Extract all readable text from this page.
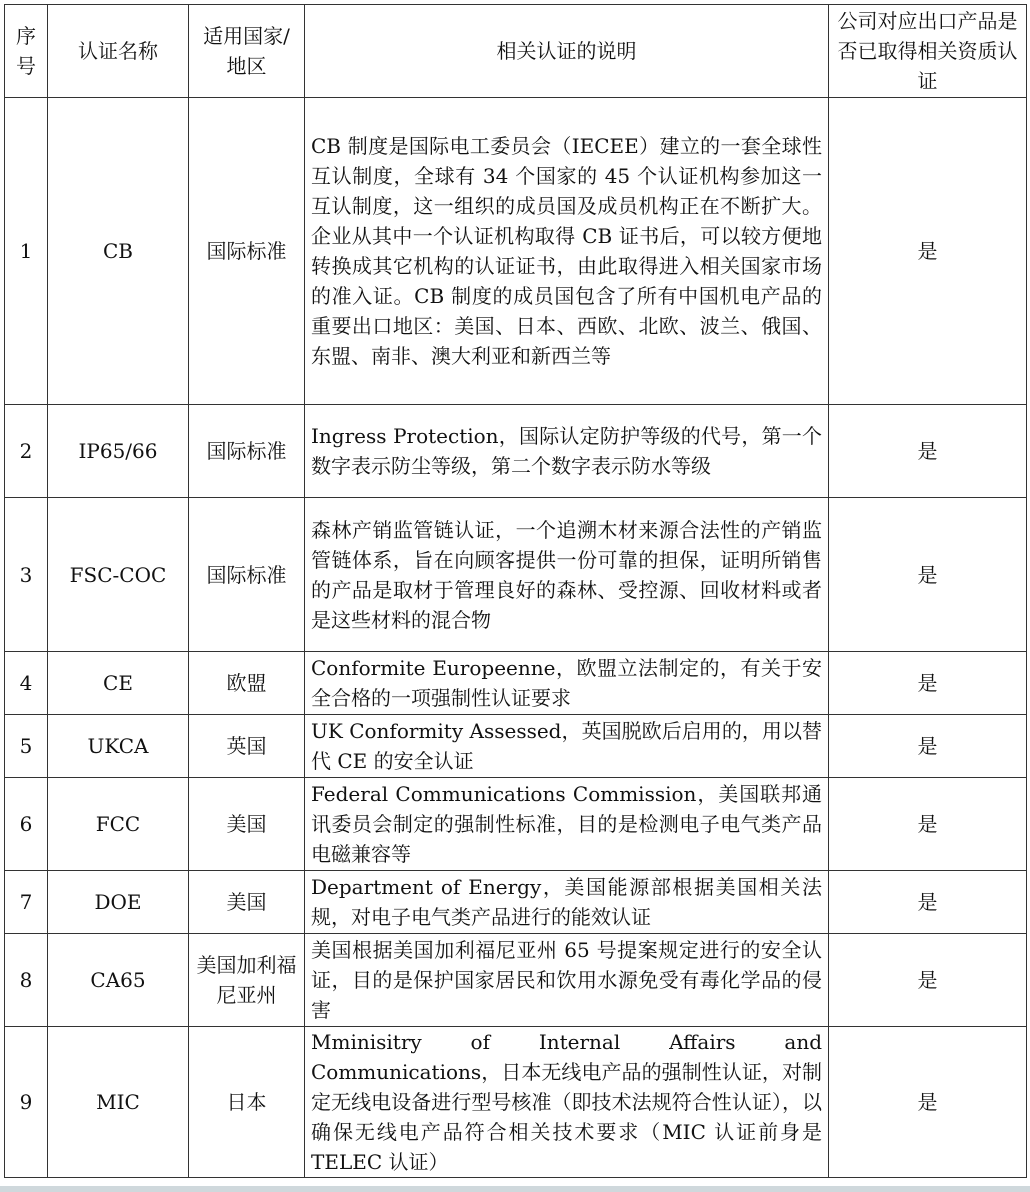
序号	认证名称	适用国家/地区	相关认证的说明	公司对应出口产品是否已取得相关资质认证
1	CB	国际标准	CB 制度是国际电工委员会（IECEE）建立的一套全球性互认制度，全球有 34 个国家的 45 个认证机构参加这一互认制度，这一组织的成员国及成员机构正在不断扩大。企业从其中一个认证机构取得 CB 证书后，可以较方便地转换成其它机构的认证证书，由此取得进入相关国家市场的准入证。CB 制度的成员国包含了所有中国机电产品的重要出口地区：美国、日本、西欧、北欧、波兰、俄国、东盟、南非、澳大利亚和新西兰等	是
2	IP65/66	国际标准	Ingress Protection，国际认定防护等级的代号，第一个数字表示防尘等级，第二个数字表示防水等级	是
3	FSC-COC	国际标准	森林产销监管链认证，一个追溯木材来源合法性的产销监管链体系，旨在向顾客提供一份可靠的担保，证明所销售的产品是取材于管理良好的森林、受控源、回收材料或者是这些材料的混合物	是
4	CE	欧盟	Conformite Europeenne，欧盟立法制定的，有关于安全合格的一项强制性认证要求	是
5	UKCA	英国	UK Conformity Assessed，英国脱欧后启用的，用以替代 CE 的安全认证	是
6	FCC	美国	Federal Communications Commission，美国联邦通讯委员会制定的强制性标准，目的是检测电子电气类产品电磁兼容等	是
7	DOE	美国	Department of Energy，美国能源部根据美国相关法规，对电子电气类产品进行的能效认证	是
8	CA65	美国加利福尼亚州	美国根据美国加利福尼亚州 65 号提案规定进行的安全认证，目的是保护国家居民和饮用水源免受有毒化学品的侵害	是
9	MIC	日本	Mminisitry of Internal Affairs and Communications，日本无线电产品的强制性认证，对制定无线电设备进行型号核准（即技术法规符合性认证），以确保无线电产品符合相关技术要求（MIC 认证前身是 TELEC 认证）	是
